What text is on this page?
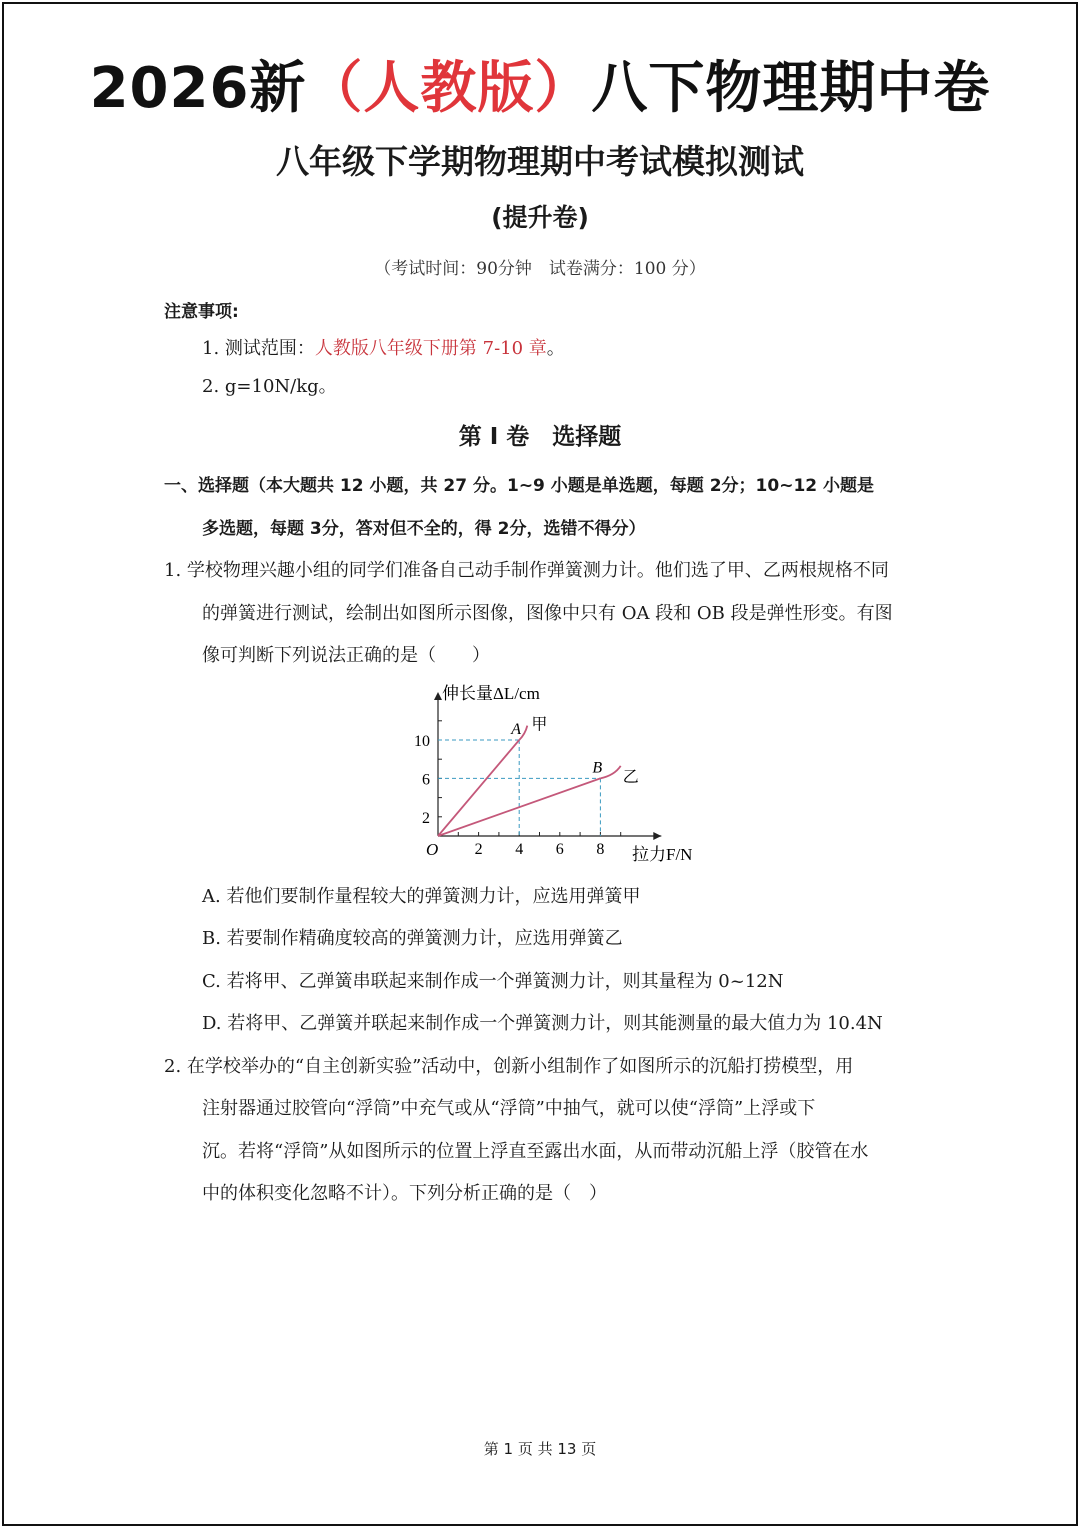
2026新（人教版）八下物理期中卷
八年级下学期物理期中考试模拟测试
(提升卷)
（考试时间：90分钟　试卷满分：100 分）
注意事项:
1. 测试范围：人教版八年级下册第 7-10 章。
2. g=10N/kg。
第 I 卷　选择题
一、选择题（本大题共 12 小题，共 27 分。1~9 小题是单选题，每题 2分；10~12 小题是
多选题，每题 3分，答对但不全的，得 2分，选错不得分）
1. 学校物理兴趣小组的同学们准备自己动手制作弹簧测力计。他们选了甲、乙两根规格不同
的弹簧进行测试，绘制出如图所示图像，图像中只有 OA 段和 OB 段是弹性形变。有图
像可判断下列说法正确的是（　　）
2 4 6 8
2
6
10
A 甲
B
乙
伸长量ΔL/cm
拉力F/N
O
A. 若他们要制作量程较大的弹簧测力计，应选用弹簧甲
B. 若要制作精确度较高的弹簧测力计，应选用弹簧乙
C. 若将甲、乙弹簧串联起来制作成一个弹簧测力计，则其量程为 0~12N
D. 若将甲、乙弹簧并联起来制作成一个弹簧测力计，则其能测量的最大值力为 10.4N
2. 在学校举办的“自主创新实验”活动中，创新小组制作了如图所示的沉船打捞模型，用
注射器通过胶管向“浮筒”中充气或从“浮筒”中抽气，就可以使“浮筒”上浮或下
沉。若将“浮筒”从如图所示的位置上浮直至露出水面，从而带动沉船上浮（胶管在水
中的体积变化忽略不计）。下列分析正确的是（　）
第 1 页 共 13 页
